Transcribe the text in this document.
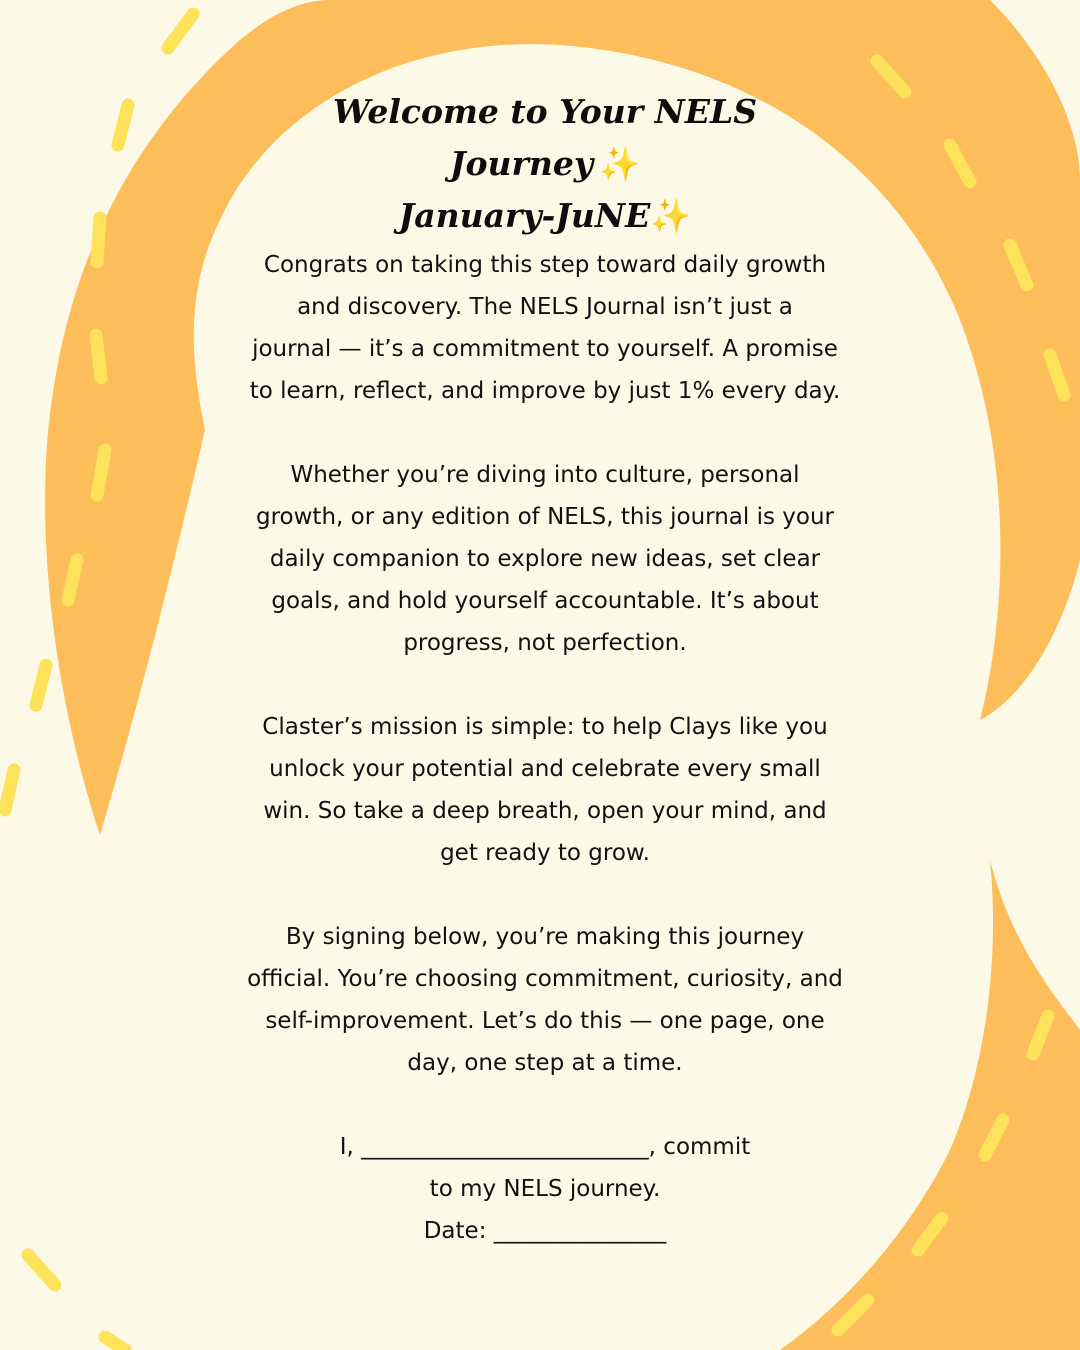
Welcome to Your NELS

Journey ✨

January-JuNE✨

Congrats on taking this step toward daily growth

and discovery. The NELS Journal isn’t just a

journal — it’s a commitment to yourself. A promise

to learn, reflect, and improve by just 1% every day.

Whether you’re diving into culture, personal

growth, or any edition of NELS, this journal is your

daily companion to explore new ideas, set clear

goals, and hold yourself accountable. It’s about

progress, not perfection.

Claster’s mission is simple: to help Clays like you

unlock your potential and celebrate every small

win. So take a deep breath, open your mind, and

get ready to grow.

By signing below, you’re making this journey

official. You’re choosing commitment, curiosity, and

self-improvement. Let’s do this — one page, one

day, one step at a time.

I, _________________________, commit

to my NELS journey.

Date: _______________
